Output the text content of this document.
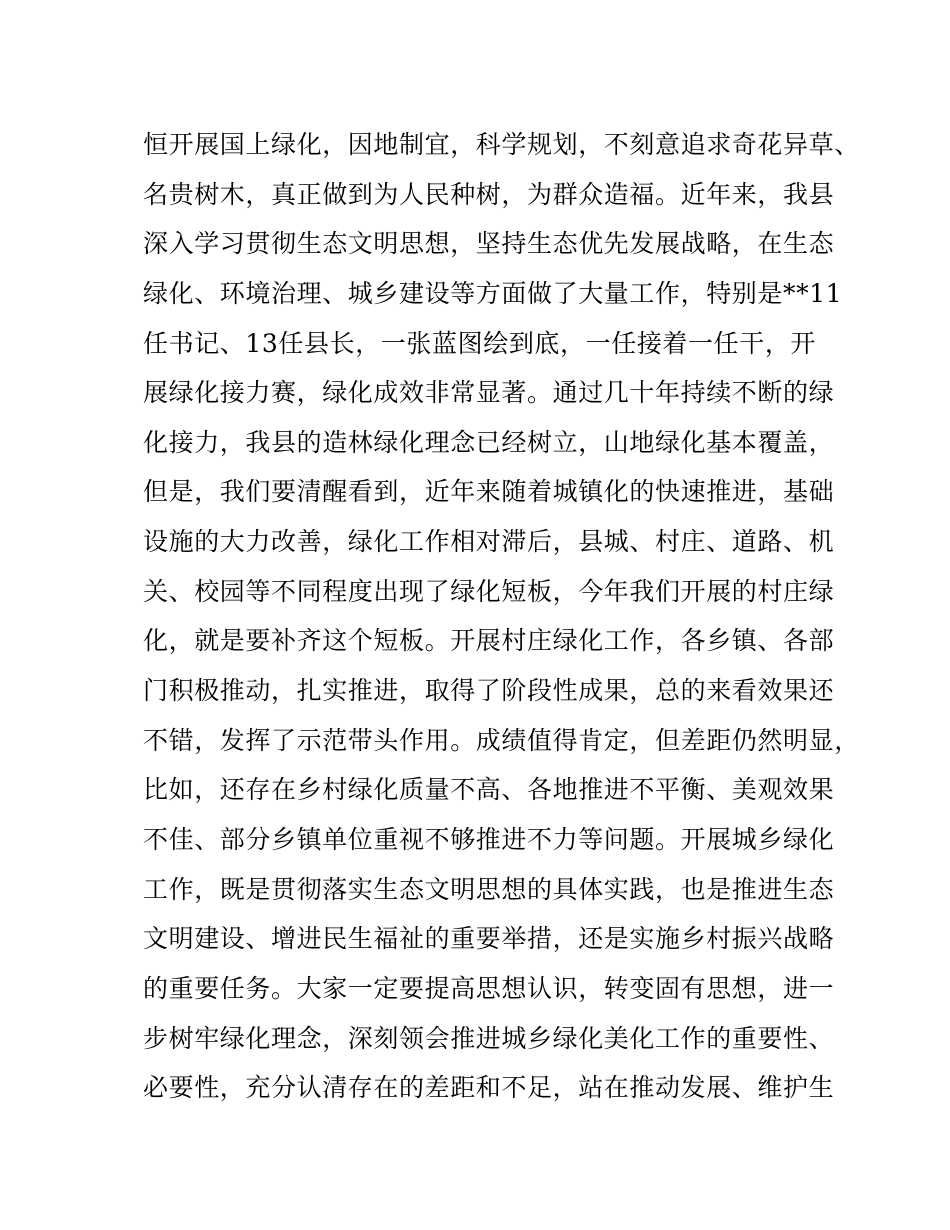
恒开展国上绿化，因地制宜，科学规划，不刻意追求奇花异草、
名贵树木，真正做到为人民种树，为群众造福。近年来，我县
深入学习贯彻生态文明思想，坚持生态优先发展战略，在生态
绿化、环境治理、城乡建设等方面做了大量工作，特别是**11
任书记、13任县长，一张蓝图绘到底，一任接着一任干，开
展绿化接力赛，绿化成效非常显著。通过几十年持续不断的绿
化接力，我县的造林绿化理念已经树立，山地绿化基本覆盖，
但是，我们要清醒看到，近年来随着城镇化的快速推进，基础
设施的大力改善，绿化工作相对滞后，县城、村庄、道路、机
关、校园等不同程度出现了绿化短板，今年我们开展的村庄绿
化，就是要补齐这个短板。开展村庄绿化工作，各乡镇、各部
门积极推动，扎实推进，取得了阶段性成果，总的来看效果还
不错，发挥了示范带头作用。成绩值得肯定，但差距仍然明显，
比如，还存在乡村绿化质量不高、各地推进不平衡、美观效果
不佳、部分乡镇单位重视不够推进不力等问题。开展城乡绿化
工作，既是贯彻落实生态文明思想的具体实践，也是推进生态
文明建设、增进民生福祉的重要举措，还是实施乡村振兴战略
的重要任务。大家一定要提高思想认识，转变固有思想，进一
步树牢绿化理念，深刻领会推进城乡绿化美化工作的重要性、
必要性，充分认清存在的差距和不足，站在推动发展、维护生
